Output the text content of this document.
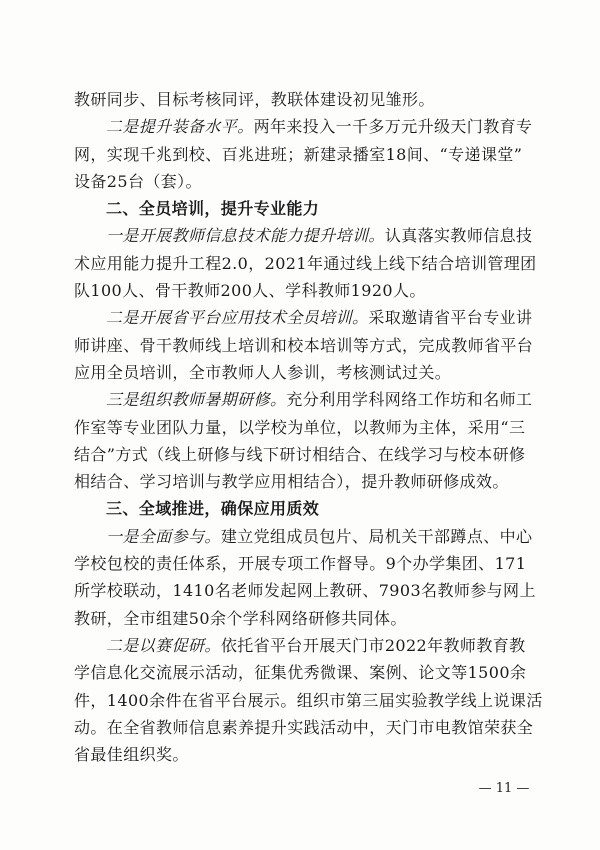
教研同步、目标考核同评，教联体建设初见雏形。
二是提升装备水平。两年来投入一千多万元升级天门教育专
网，实现千兆到校、百兆进班；新建录播室18间、“专递课堂”
设备25台（套）。
二、全员培训，提升专业能力
一是开展教师信息技术能力提升培训。认真落实教师信息技
术应用能力提升工程2.0，2021年通过线上线下结合培训管理团
队100人、骨干教师200人、学科教师1920人。
二是开展省平台应用技术全员培训。采取邀请省平台专业讲
师讲座、骨干教师线上培训和校本培训等方式，完成教师省平台
应用全员培训，全市教师人人参训，考核测试过关。
三是组织教师暑期研修。充分利用学科网络工作坊和名师工
作室等专业团队力量，以学校为单位，以教师为主体，采用“三
结合”方式（线上研修与线下研讨相结合、在线学习与校本研修
相结合、学习培训与教学应用相结合），提升教师研修成效。
三、全域推进，确保应用质效
一是全面参与。建立党组成员包片、局机关干部蹲点、中心
学校包校的责任体系，开展专项工作督导。9个办学集团、171
所学校联动，1410名老师发起网上教研、7903名教师参与网上
教研，全市组建50余个学科网络研修共同体。
二是以赛促研。依托省平台开展天门市2022年教师教育教
学信息化交流展示活动，征集优秀微课、案例、论文等1500余
件，1400余件在省平台展示。组织市第三届实验教学线上说课活
动。在全省教师信息素养提升实践活动中，天门市电教馆荣获全
省最佳组织奖。
— 11 —
